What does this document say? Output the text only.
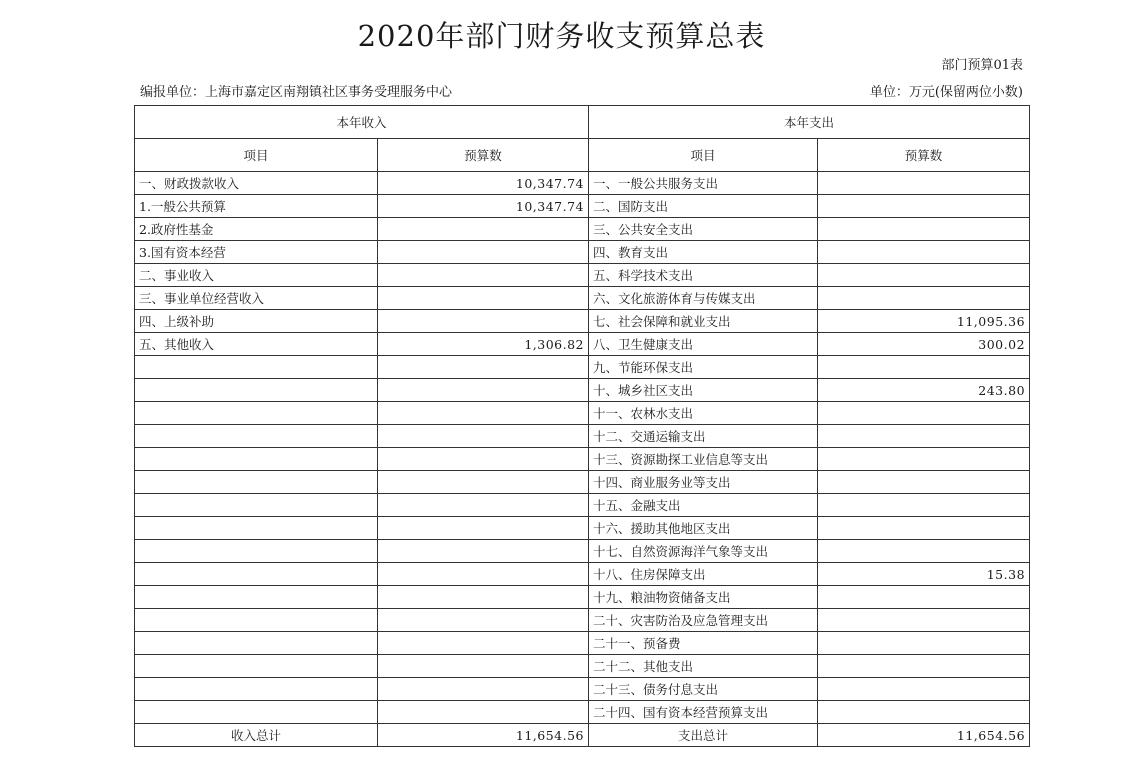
2020年部门财务收支预算总表
部门预算01表
编报单位：上海市嘉定区南翔镇社区事务受理服务中心	单位：万元(保留两位小数)
本年收入		本年支出	
项目	预算数	项目	预算数
一、财政拨款收入	10,347.74	一、一般公共服务支出	
1.一般公共预算	10,347.74	二、国防支出	
2.政府性基金		三、公共安全支出	
3.国有资本经营		四、教育支出	
二、事业收入		五、科学技术支出	
三、事业单位经营收入		六、文化旅游体育与传媒支出	
四、上级补助		七、社会保障和就业支出	11,095.36
五、其他收入	1,306.82	八、卫生健康支出	300.02
		九、节能环保支出	
		十、城乡社区支出	243.80
		十一、农林水支出	
		十二、交通运输支出	
		十三、资源勘探工业信息等支出	
		十四、商业服务业等支出	
		十五、金融支出	
		十六、援助其他地区支出	
		十七、自然资源海洋气象等支出	
		十八、住房保障支出	15.38
		十九、粮油物资储备支出	
		二十、灾害防治及应急管理支出	
		二十一、预备费	
		二十二、其他支出	
		二十三、债务付息支出	
		二十四、国有资本经营预算支出	
收入总计	11,654.56	支出总计	11,654.56
